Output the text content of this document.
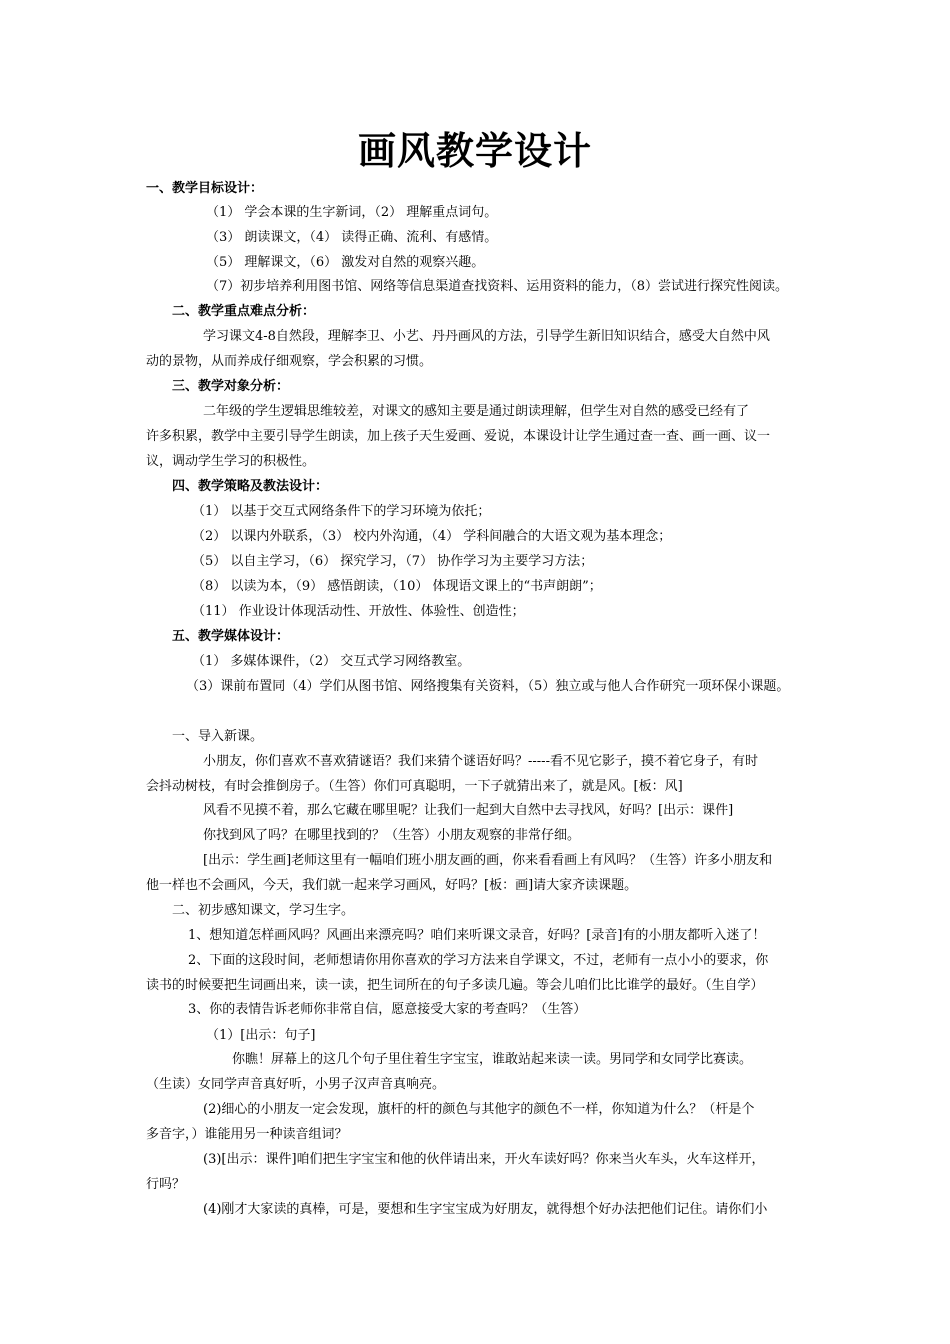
画风教学设计
一、教学目标设计：
（1） 学会本课的生字新词，（2） 理解重点词句。
（3） 朗读课文，（4） 读得正确、流利、有感情。
（5） 理解课文，（6） 激发对自然的观察兴趣。
（7）初步培养利用图书馆、网络等信息渠道查找资料、运用资料的能力，（8）尝试进行探究性阅读。
二、教学重点难点分析：
学习课文4-8自然段，理解李卫、小艺、丹丹画风的方法，引导学生新旧知识结合，感受大自然中风
动的景物，从而养成仔细观察，学会积累的习惯。
三、教学对象分析：
二年级的学生逻辑思维较差，对课文的感知主要是通过朗读理解，但学生对自然的感受已经有了
许多积累，教学中主要引导学生朗读，加上孩子天生爱画、爱说，本课设计让学生通过查一查、画一画、议一
议，调动学生学习的积极性。
四、教学策略及教法设计：
（1） 以基于交互式网络条件下的学习环境为依托；
（2） 以课内外联系，（3） 校内外沟通，（4） 学科间融合的大语文观为基本理念；
（5） 以自主学习，（6） 探究学习，（7） 协作学习为主要学习方法；
（8） 以读为本，（9） 感悟朗读，（10） 体现语文课上的“书声朗朗”；
（11） 作业设计体现活动性、开放性、体验性、创造性；
五、教学媒体设计：
（1） 多媒体课件，（2） 交互式学习网络教室。
（3）课前布置同（4）学们从图书馆、网络搜集有关资料，（5）独立或与他人合作研究一项环保小课题。
一、导入新课。
小朋友，你们喜欢不喜欢猜谜语？我们来猜个谜语好吗？-----看不见它影子，摸不着它身子，有时
会抖动树枝，有时会推倒房子。（生答）你们可真聪明，一下子就猜出来了，就是风。[板：风]
风看不见摸不着，那么它藏在哪里呢？让我们一起到大自然中去寻找风，好吗？[出示：课件]
你找到风了吗？在哪里找到的？（生答）小朋友观察的非常仔细。
[出示：学生画]老师这里有一幅咱们班小朋友画的画，你来看看画上有风吗？（生答）许多小朋友和
他一样也不会画风，今天，我们就一起来学习画风，好吗？[板：画]请大家齐读课题。
二、初步感知课文，学习生字。
1、想知道怎样画风吗？风画出来漂亮吗？咱们来听课文录音，好吗？[录音]有的小朋友都听入迷了！
2、下面的这段时间，老师想请你用你喜欢的学习方法来自学课文，不过，老师有一点小小的要求，你
读书的时候要把生词画出来，读一读，把生词所在的句子多读几遍。等会儿咱们比比谁学的最好。（生自学）
3、你的表情告诉老师你非常自信，愿意接受大家的考查吗？（生答）
（1）[出示：句子]
你瞧！屏幕上的这几个句子里住着生字宝宝，谁敢站起来读一读。男同学和女同学比赛读。
（生读）女同学声音真好听，小男子汉声音真响亮。
(2)细心的小朋友一定会发现，旗杆的杆的颜色与其他字的颜色不一样，你知道为什么？（杆是个
多音字，）谁能用另一种读音组词？
(3)[出示：课件]咱们把生字宝宝和他的伙伴请出来，开火车读好吗？你来当火车头，火车这样开，
行吗？
(4)刚才大家读的真棒，可是，要想和生字宝宝成为好朋友，就得想个好办法把他们记住。请你们小
